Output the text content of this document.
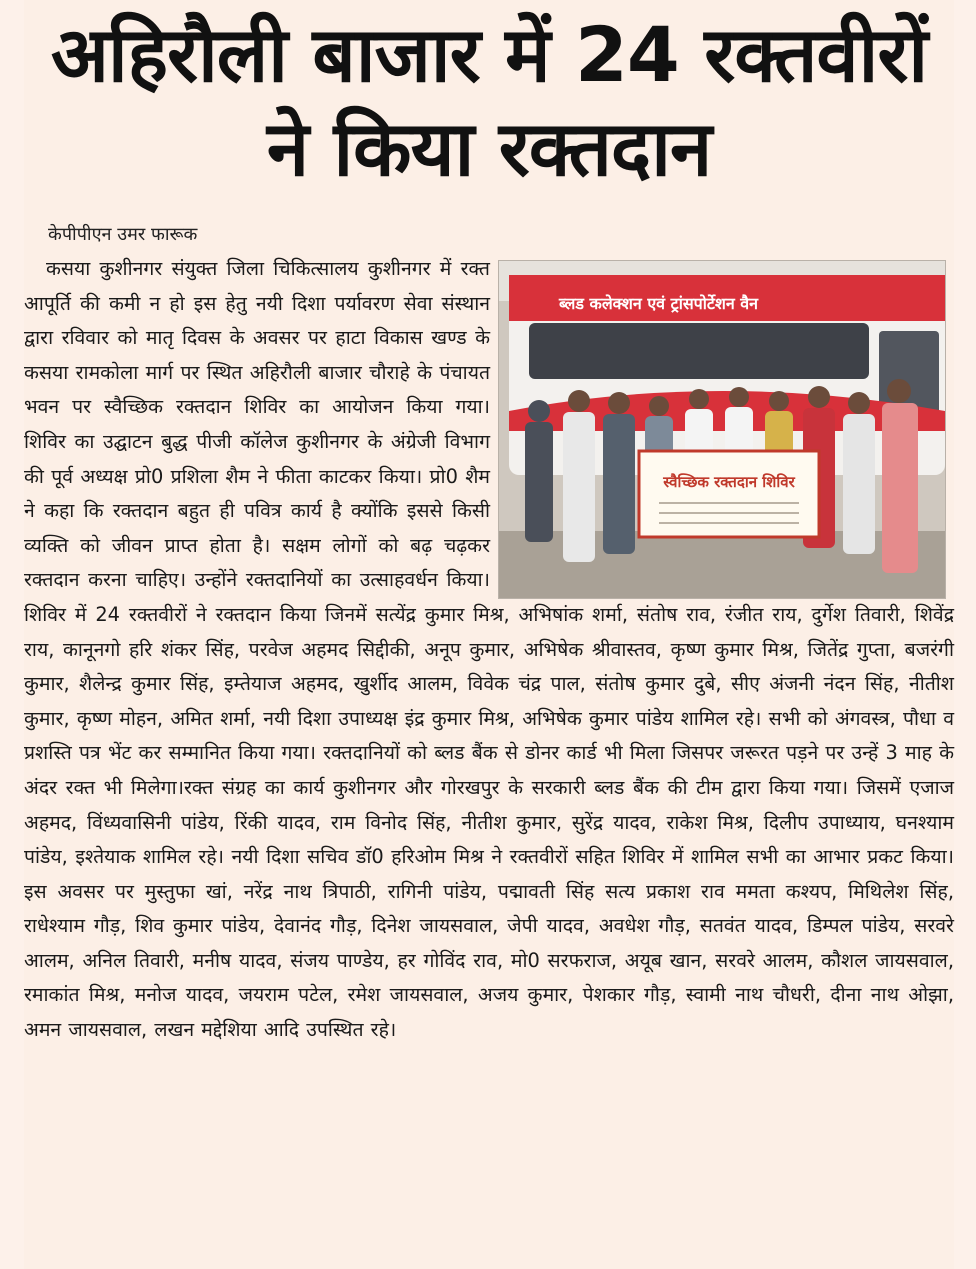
अहिरौली बाजार में 24 रक्तवीरों
ने किया रक्तदान
केपीपीएन उमर फारूक
ब्लड कलेक्शन एवं ट्रांसपोर्टेशन वैन
स्वैच्छिक रक्तदान शिविर

कसया कुशीनगर संयुक्त जिला चिकित्सालय कुशीनगर में रक्त आपूर्ति की कमी न हो इस हेतु नयी दिशा पर्यावरण सेवा संस्थान द्वारा रविवार को मातृ दिवस के अवसर पर हाटा विकास खण्ड के कसया रामकोला मार्ग पर स्थित अहिरौली बाजार चौराहे के पंचायत भवन पर स्वैच्छिक रक्तदान शिविर का आयोजन किया गया। शिविर का उद्घाटन बुद्ध पीजी कॉलेज कुशीनगर के अंग्रेजी विभाग की पूर्व अध्यक्ष प्रो0 प्रशिला शैम ने फीता काटकर किया। प्रो0 शैम ने कहा कि रक्तदान बहुत ही पवित्र कार्य है क्योंकि इससे किसी व्यक्ति को जीवन प्राप्त होता है। सक्षम लोगों को बढ़ चढ़कर रक्तदान करना चाहिए। उन्होंने रक्तदानियों का उत्साहवर्धन किया। शिविर में 24 रक्तवीरों ने रक्तदान किया जिनमें सत्येंद्र कुमार मिश्र, अभिषांक शर्मा, संतोष राव, रंजीत राय, दुर्गेश तिवारी, शिवेंद्र राय, कानूनगो हरि शंकर सिंह, परवेज अहमद सिद्दीकी, अनूप कुमार, अभिषेक श्रीवास्तव, कृष्ण कुमार मिश्र, जितेंद्र गुप्ता, बजरंगी कुमार, शैलेन्द्र कुमार सिंह, इम्तेयाज अहमद, खुर्शीद आलम, विवेक चंद्र पाल, संतोष कुमार दुबे, सीए अंजनी नंदन सिंह, नीतीश कुमार, कृष्ण मोहन, अमित शर्मा, नयी दिशा उपाध्यक्ष इंद्र कुमार मिश्र, अभिषेक कुमार पांडेय शामिल रहे। सभी को अंगवस्त्र, पौधा व प्रशस्ति पत्र भेंट कर सम्मानित किया गया। रक्तदानियों को ब्लड बैंक से डोनर कार्ड भी मिला जिसपर जरूरत पड़ने पर उन्हें 3 माह के अंदर रक्त भी मिलेगा।रक्त संग्रह का कार्य कुशीनगर और गोरखपुर के सरकारी ब्लड बैंक की टीम द्वारा किया गया। जिसमें एजाज अहमद, विंध्यवासिनी पांडेय, रिंकी यादव, राम विनोद सिंह, नीतीश कुमार, सुरेंद्र यादव, राकेश मिश्र, दिलीप उपाध्याय, घनश्याम पांडेय, इश्तेयाक शामिल रहे। नयी दिशा सचिव डॉ0 हरिओम मिश्र ने रक्तवीरों सहित शिविर में शामिल सभी का आभार प्रकट किया। इस अवसर पर मुस्तुफा खां, नरेंद्र नाथ त्रिपाठी, रागिनी पांडेय, पद्मावती सिंह सत्य प्रकाश राव ममता कश्यप, मिथिलेश सिंह, राधेश्याम गौड़, शिव कुमार पांडेय, देवानंद गौड़, दिनेश जायसवाल, जेपी यादव, अवधेश गौड़, सतवंत यादव, डिम्पल पांडेय, सरवरे आलम, अनिल तिवारी, मनीष यादव, संजय पाण्डेय, हर गोविंद राव, मो0 सरफराज, अयूब खान, सरवरे आलम, कौशल जायसवाल, रमाकांत मिश्र, मनोज यादव, जयराम पटेल, रमेश जायसवाल, अजय कुमार, पेशकार गौड़, स्वामी नाथ चौधरी, दीना नाथ ओझा, अमन जायसवाल, लखन मद्देशिया आदि उपस्थित रहे।
